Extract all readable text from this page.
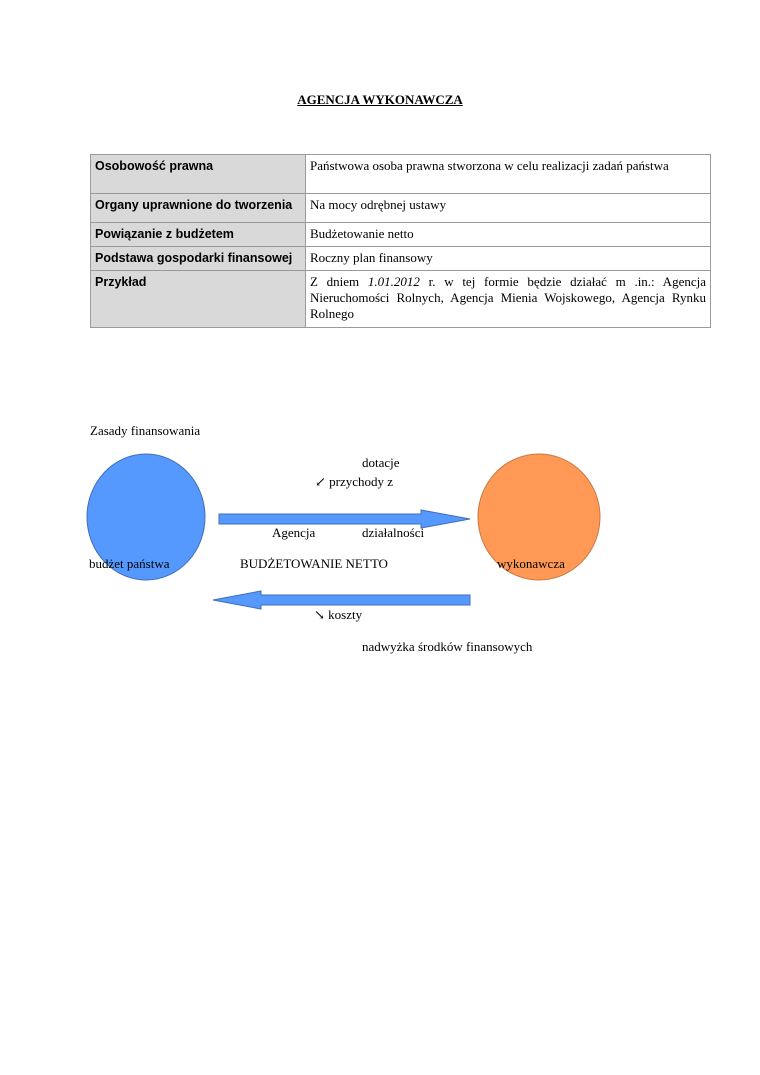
AGENCJA WYKONAWCZA
Osobowość prawna	Państwowa osoba prawna stworzona w celu realizacji zadań państwa
Organy uprawnione do tworzenia	Na mocy odrębnej ustawy
Powiązanie z budżetem	Budżetowanie netto
Podstawa gospodarki finansowej	Roczny plan finansowy
Przykład	Z dniem 1.01.2012 r. w tej formie będzie działać m .in.: Agencja Nieruchomości Rolnych, Agencja Mienia Wojskowego, Agencja Rynku Rolnego
Zasady finansowania
dotacje
↙ przychody z
Agencja	działalności
budżet państwa	BUDŻETOWANIE NETTO	wykonawcza
↘ koszty
nadwyżka środków finansowych
